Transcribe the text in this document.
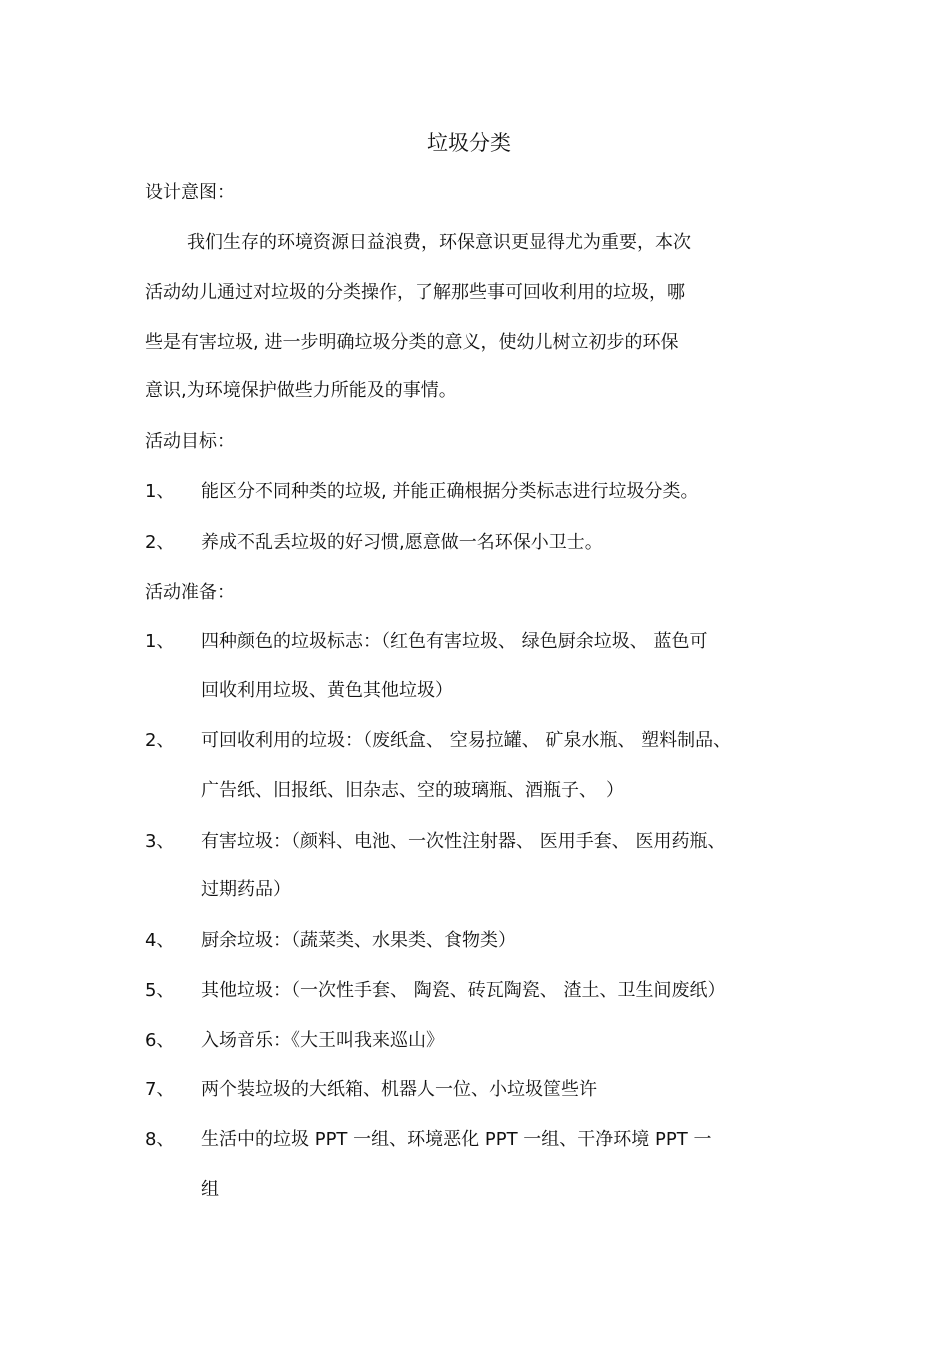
垃圾分类
设计意图：
我们生存的环境资源日益浪费，环保意识更显得尤为重要，本次
活动幼儿通过对垃圾的分类操作，了解那些事可回收利用的垃圾，哪
些是有害垃圾, 进一步明确垃圾分类的意义，使幼儿树立初步的环保
意识,为环境保护做些力所能及的事情。
活动目标：
1、 能区分不同种类的垃圾, 并能正确根据分类标志进行垃圾分类。
2、 养成不乱丢垃圾的好习惯,愿意做一名环保小卫士。
活动准备：
1、 四种颜色的垃圾标志：（红色有害垃圾、 绿色厨余垃圾、 蓝色可
回收利用垃圾、黄色其他垃圾）
2、 可回收利用的垃圾：（废纸盒、 空易拉罐、 矿泉水瓶、 塑料制品、
广告纸、旧报纸、旧杂志、空的玻璃瓶、酒瓶子、　）
3、 有害垃圾：（颜料、电池、一次性注射器、 医用手套、 医用药瓶、
过期药品）
4、 厨余垃圾：（蔬菜类、水果类、食物类）
5、 其他垃圾：（一次性手套、 陶瓷、砖瓦陶瓷、 渣土、卫生间废纸）
6、 入场音乐：《大王叫我来巡山》
7、 两个装垃圾的大纸箱、机器人一位、小垃圾筐些许
8、 生活中的垃圾 PPT 一组、环境恶化 PPT 一组、干净环境 PPT 一
组
